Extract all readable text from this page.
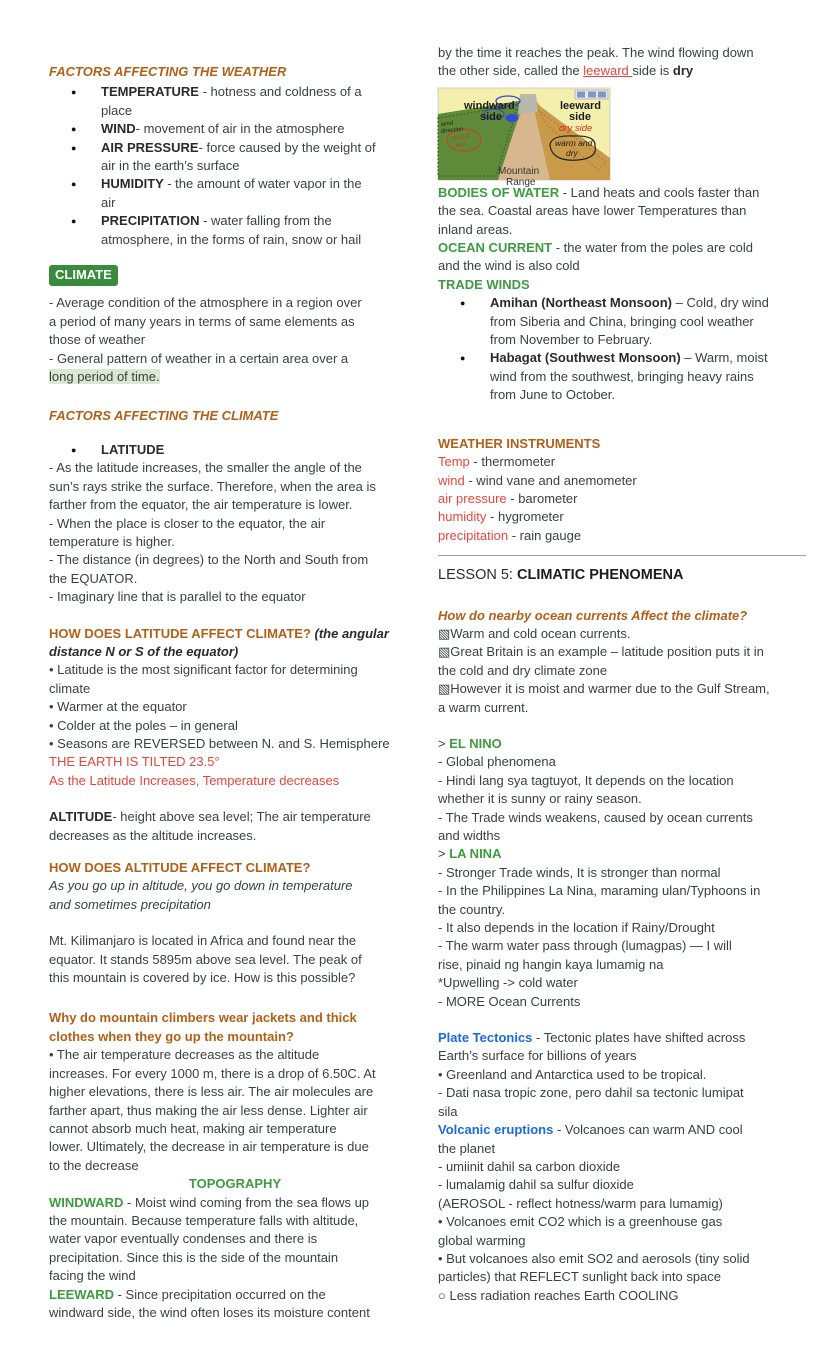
FACTORS AFFECTING THE WEATHER

●	TEMPERATURE - hotness and coldness of a
place
●	WIND- movement of air in the atmosphere
●	AIR PRESSURE- force caused by the weight of
air in the earth’s surface
●	HUMIDITY - the amount of water vapor in the
air
●	PRECIPITATION - water falling from the
atmosphere, in the forms of rain, snow or hail
CLIMATE

- Average condition of the atmosphere in a region over
a period of many years in terms of same elements as
those of weather
- General pattern of weather in a certain area over a
long period of time.

FACTORS AFFECTING THE CLIMATE

●	LATITUDE

- As the latitude increases, the smaller the angle of the
sun’s rays strike the surface. Therefore, when the area is
farther from the equator, the air temperature is lower.
- When the place is closer to the equator, the air
temperature is higher.
- The distance (in degrees) to the North and South from
the EQUATOR.
- Imaginary line that is parallel to the equator

HOW DOES LATITUDE AFFECT CLIMATE? (the angular
distance N or S of the equator)

• Latitude is the most significant factor for determining
climate
• Warmer at the equator
• Colder at the poles – in general
• Seasons are REVERSED between N. and S. Hemisphere

THE EARTH IS TILTED 23.5°
As the Latitude Increases, Temperature decreases

ALTITUDE- height above sea level; The air temperature
decreases as the altitude increases.

HOW DOES ALTITUDE AFFECT CLIMATE?

As you go up in altitude, you go down in temperature
and sometimes precipitation

Mt. Kilimanjaro is located in Africa and found near the
equator. It stands 5895m above sea level. The peak of
this mountain is covered by ice. How is this possible?

Why do mountain climbers wear jackets and thick
clothes when they go up the mountain?

• The air temperature decreases as the altitude
increases. For every 1000 m, there is a drop of 6.50C. At
higher elevations, there is less air. The air molecules are
farther apart, thus making the air less dense. Lighter air
cannot absorb much heat, making air temperature
lower. Ultimately, the decrease in air temperature is due
to the decrease

TOPOGRAPHY

WINDWARD - Moist wind coming from the sea flows up
the mountain. Because temperature falls with altitude,
water vapor eventually condenses and there is
precipitation. Since this is the side of the mountain
facing the wind

LEEWARD - Since precipitation occurred on the
windward side, the wind often loses its moisture content

by the time it reaches the peak. The wind flowing down
the other side, called the leeward side is dry

windward
side
leeward
side
dry side
warm and
dry
Mountain
Range
wind
direction
cool &
wet

BODIES OF WATER - Land heats and cools faster than
the sea. Coastal areas have lower Temperatures than
inland areas.

OCEAN CURRENT - the water from the poles are cold
and the wind is also cold

TRADE WINDS

●	Amihan (Northeast Monsoon) – Cold, dry wind
from Siberia and China, bringing cool weather
from November to February.
●	Habagat (Southwest Monsoon) – Warm, moist
wind from the southwest, bringing heavy rains
from June to October.

WEATHER INSTRUMENTS

Temp - thermometer
wind - wind vane and anemometer
air pressure - barometer
humidity - hygrometer
precipitation - rain gauge

LESSON 5: CLIMATIC PHENOMENA

How do nearby ocean currents Affect the climate?

▧Warm and cold ocean currents.
▧Great Britain is an example – latitude position puts it in
the cold and dry climate zone
▧However it is moist and warmer due to the Gulf Stream,
a warm current.

> EL NINO

- Global phenomena
- Hindi lang sya tagtuyot, It depends on the location
whether it is sunny or rainy season.
- The Trade winds weakens, caused by ocean currents
and widths

> LA NINA

- Stronger Trade winds, It is stronger than normal
- In the Philippines La Nina, maraming ulan/Typhoons in
the country.
- It also depends in the location if Rainy/Drought
- The warm water pass through (lumagpas) — I will
rise, pinaid ng hangin kaya lumamig na
*Upwelling -> cold water
- MORE Ocean Currents

Plate Tectonics - Tectonic plates have shifted across
Earth’s surface for billions of years
• Greenland and Antarctica used to be tropical.
- Dati nasa tropic zone, pero dahil sa tectonic lumipat
sila

Volcanic eruptions - Volcanoes can warm AND cool
the planet
- umiinit dahil sa carbon dioxide
- lumalamig dahil sa sulfur dioxide
(AEROSOL - reflect hotness/warm para lumamig)
• Volcanoes emit CO2 which is a greenhouse gas
global warming
• But volcanoes also emit SO2 and aerosols (tiny solid
particles) that REFLECT sunlight back into space
○ Less radiation reaches Earth COOLING
